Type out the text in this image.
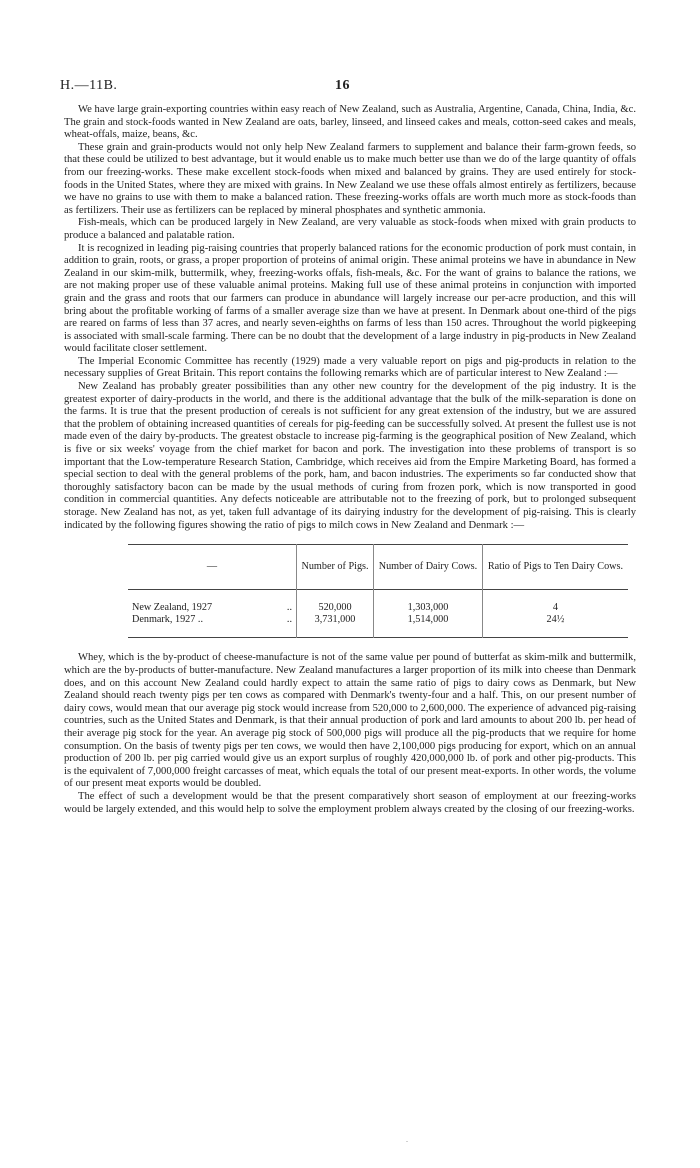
H.—11B.	16

We have large grain-exporting countries within easy reach of New Zealand, such as Australia, Argentine, Canada, China, India, &c. The grain and stock-foods wanted in New Zealand are oats, barley, linseed, and linseed cakes and meals, cotton-seed cakes and meals, wheat-offals, maize, beans, &c.

These grain and grain-products would not only help New Zealand farmers to supplement and balance their farm-grown feeds, so that these could be utilized to best advantage, but it would enable us to make much better use than we do of the large quantity of offals from our freezing-works. These make excellent stock-foods when mixed and balanced by grains. They are used entirely for stock-foods in the United States, where they are mixed with grains. In New Zealand we use these offals almost entirely as fertilizers, because we have no grains to use with them to make a balanced ration. These freezing-works offals are worth much more as stock-foods than as fertilizers. Their use as fertilizers can be replaced by mineral phosphates and synthetic ammonia.

Fish-meals, which can be produced largely in New Zealand, are very valuable as stock-foods when mixed with grain products to produce a balanced and palatable ration.

It is recognized in leading pig-raising countries that properly balanced rations for the economic production of pork must contain, in addition to grain, roots, or grass, a proper proportion of proteins of animal origin. These animal proteins we have in abundance in New Zealand in our skim-milk, buttermilk, whey, freezing-works offals, fish-meals, &c. For the want of grains to balance the rations, we are not making proper use of these valuable animal proteins. Making full use of these animal proteins in conjunction with imported grain and the grass and roots that our farmers can produce in abundance will largely increase our per-acre production, and this will bring about the profitable working of farms of a smaller average size than we have at present. In Denmark about one-third of the pigs are reared on farms of less than 37 acres, and nearly seven-eighths on farms of less than 150 acres. Throughout the world pigkeeping is associated with small-scale farming. There can be no doubt that the development of a large industry in pig-products in New Zealand would facilitate closer settlement.

The Imperial Economic Committee has recently (1929) made a very valuable report on pigs and pig-products in relation to the necessary supplies of Great Britain. This report contains the following remarks which are of particular interest to New Zealand :—

New Zealand has probably greater possibilities than any other new country for the development of the pig industry. It is the greatest exporter of dairy-products in the world, and there is the additional advantage that the bulk of the milk-separation is done on the farms. It is true that the present production of cereals is not sufficient for any great extension of the industry, but we are assured that the problem of obtaining increased quantities of cereals for pig-feeding can be successfully solved. At present the fullest use is not made even of the dairy by-products. The greatest obstacle to increase pig-farming is the geographical position of New Zealand, which is five or six weeks' voyage from the chief market for bacon and pork. The investigation into these problems of transport is so important that the Low-temperature Research Station, Cambridge, which receives aid from the Empire Marketing Board, has formed a special section to deal with the general problems of the pork, ham, and bacon industries. The experiments so far conducted show that thoroughly satisfactory bacon can be made by the usual methods of curing from frozen pork, which is now transported in good condition in commercial quantities. Any defects noticeable are attributable not to the freezing of pork, but to prolonged subsequent storage. New Zealand has not, as yet, taken full advantage of its dairying industry for the development of pig-raising. This is clearly indicated by the following figures showing the ratio of pigs to milch cows in New Zealand and Denmark :—

—	Number of Pigs.	Number of Dairy Cows.	Ratio of Pigs to Ten Dairy Cows.
New Zealand, 1927 ..	520,000	1,303,000	4
Denmark, 1927 .. ..	3,731,000	1,514,000	24½

Whey, which is the by-product of cheese-manufacture is not of the same value per pound of butterfat as skim-milk and buttermilk, which are the by-products of butter-manufacture. New Zealand manufactures a larger proportion of its milk into cheese than Denmark does, and on this account New Zealand could hardly expect to attain the same ratio of pigs to dairy cows as Denmark, but New Zealand should reach twenty pigs per ten cows as compared with Denmark's twenty-four and a half. This, on our present number of dairy cows, would mean that our average pig stock would increase from 520,000 to 2,600,000. The experience of advanced pig-raising countries, such as the United States and Denmark, is that their annual production of pork and lard amounts to about 200 lb. per head of their average pig stock for the year. An average pig stock of 500,000 pigs will produce all the pig-products that we require for home consumption. On the basis of twenty pigs per ten cows, we would then have 2,100,000 pigs producing for export, which on an annual production of 200 lb. per pig carried would give us an export surplus of roughly 420,000,000 lb. of pork and other pig-products. This is the equivalent of 7,000,000 freight carcasses of meat, which equals the total of our present meat-exports. In other words, the volume of our present meat exports would be doubled.

The effect of such a development would be that the present comparatively short season of employment at our freezing-works would be largely extended, and this would help to solve the employment problem always created by the closing of our freezing-works.

.
